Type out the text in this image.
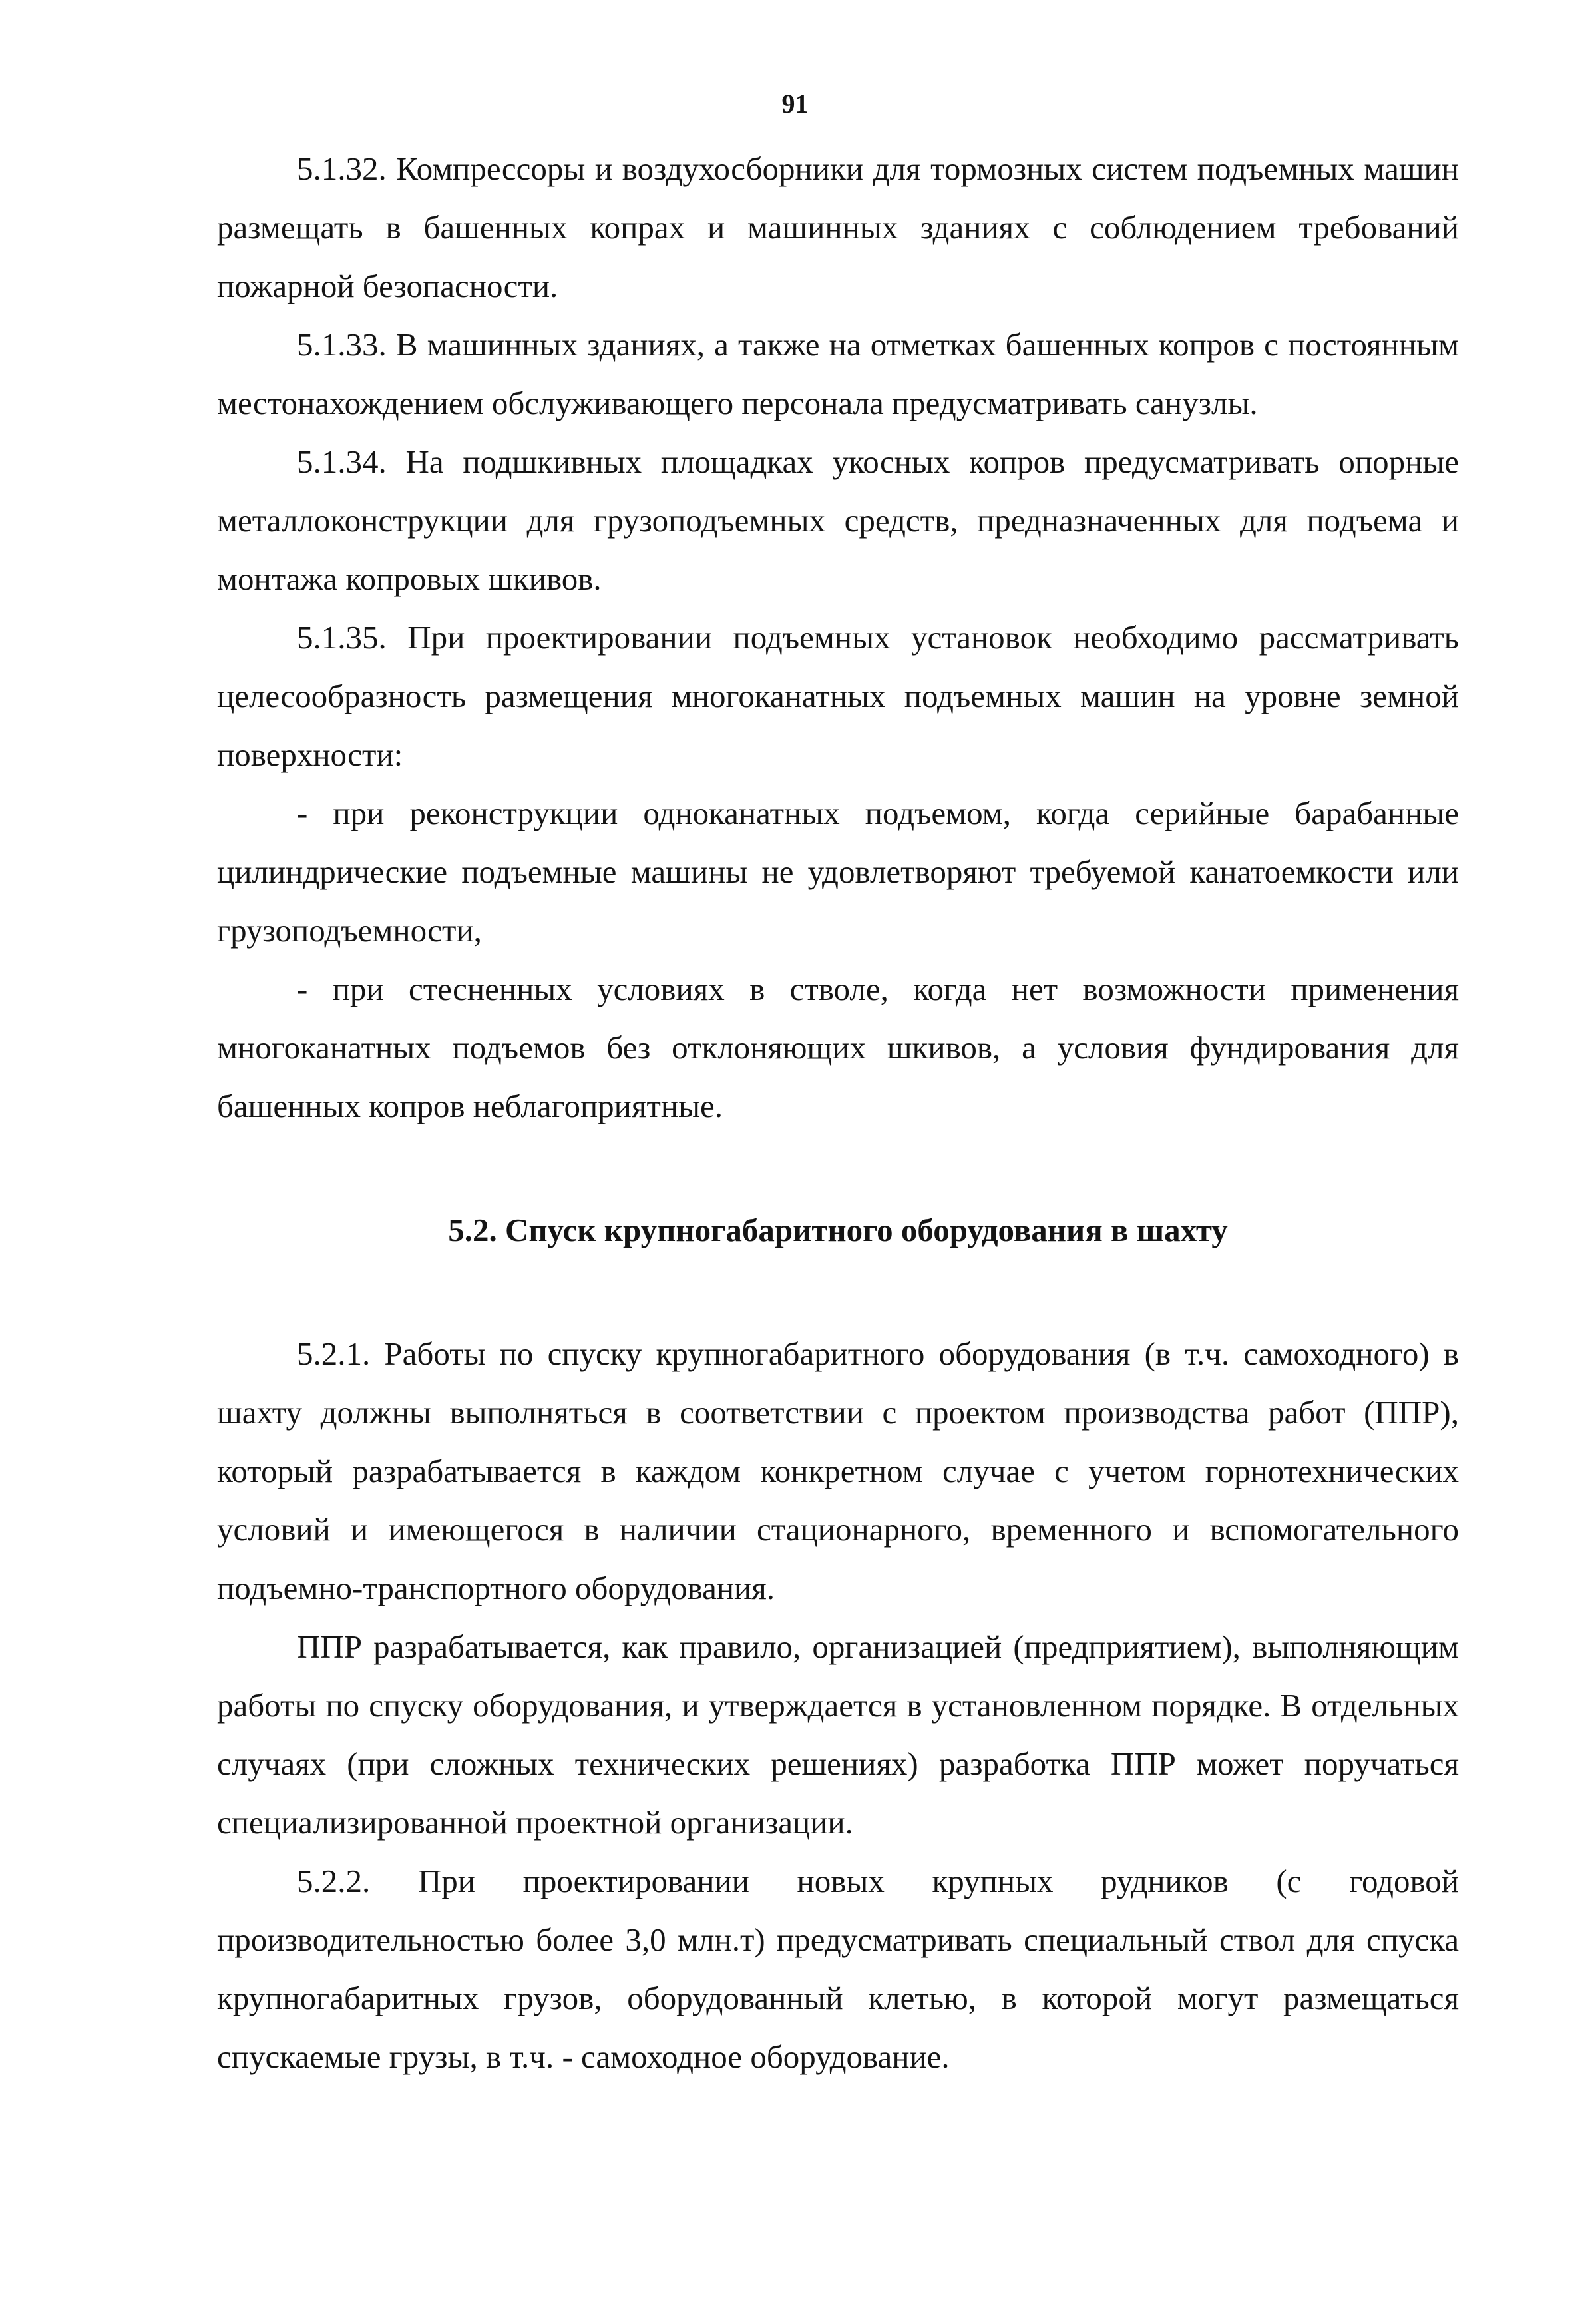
91

5.1.32. Компрессоры и воздухосборники для тормозных систем подъемных машин размещать в башенных копрах и машинных зданиях с соблюдением требований пожарной безопасности.

5.1.33. В машинных зданиях, а также на отметках башенных копров с постоянным местонахождением обслуживающего персонала предусматривать санузлы.

5.1.34. На подшкивных площадках укосных копров предусматривать опорные металлоконструкции для грузоподъемных средств, предназначенных для подъема и монтажа копровых шкивов.

5.1.35. При проектировании подъемных установок необходимо рассматривать целесообразность размещения многоканатных подъемных машин на уровне земной поверхности:

- при реконструкции одноканатных подъемом, когда серийные барабанные цилиндрические подъемные машины не удовлетворяют требуемой канатоемкости или грузоподъемности,

- при стесненных условиях в стволе, когда нет возможности применения многоканатных подъемов без отклоняющих шкивов, а условия фундирования для башенных копров неблагоприятные.

5.2. Спуск крупногабаритного оборудования в шахту

5.2.1. Работы по спуску крупногабаритного оборудования (в т.ч. самоходного) в шахту должны выполняться в соответствии с проектом производства работ (ППР), который разрабатывается в каждом конкретном случае с учетом горнотехнических условий и имеющегося в наличии стационарного, временного и вспомогательного подъемно-транспортного оборудования.

ППР разрабатывается, как правило, организацией (предприятием), выполняющим работы по спуску оборудования, и утверждается в установленном порядке. В отдельных случаях (при сложных технических решениях) разработка ППР может поручаться специализированной проектной организации.

5.2.2. При проектировании новых крупных рудников (с годовой производительностью более 3,0 млн.т) предусматривать специальный ствол для спуска крупногабаритных грузов, оборудованный клетью, в которой могут размещаться спускаемые грузы, в т.ч. - самоходное оборудование.
